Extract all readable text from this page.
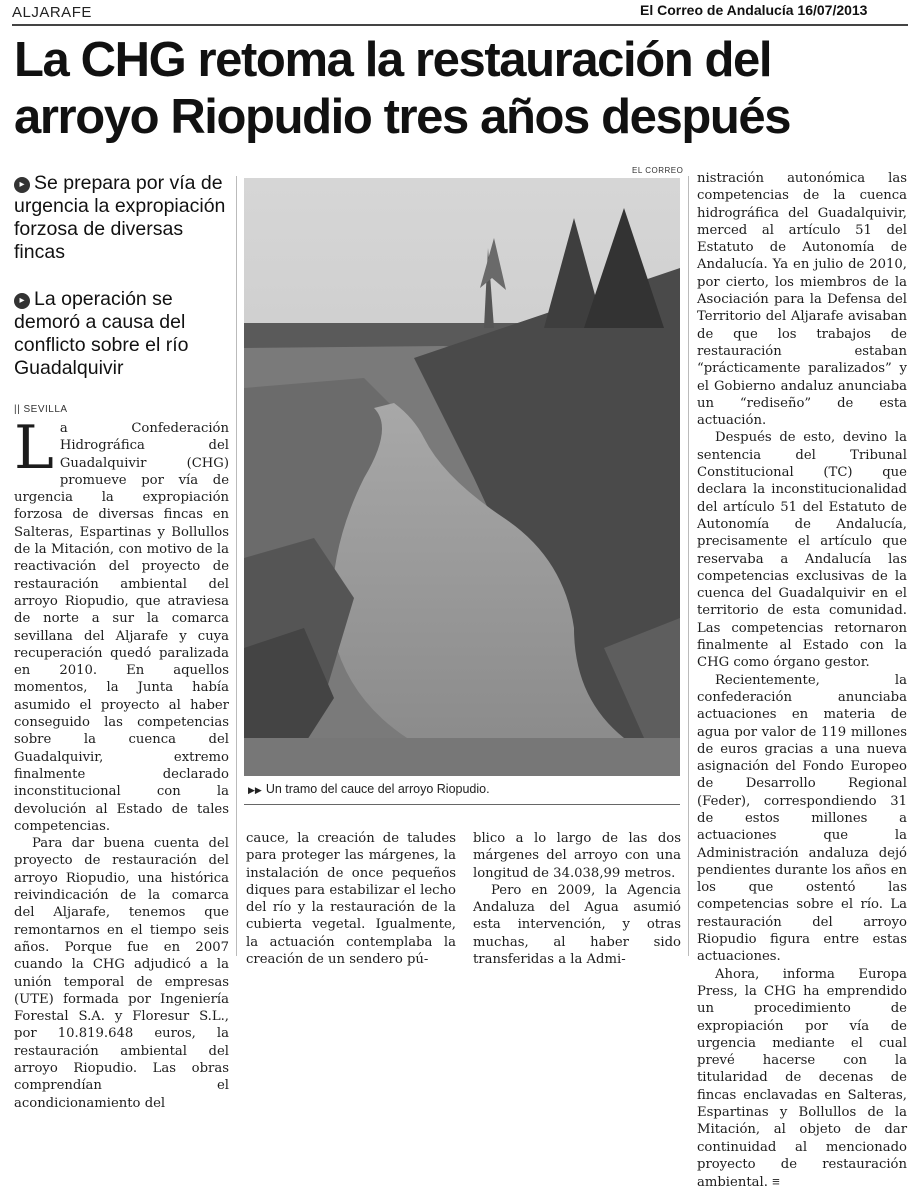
ALJARAFE	El Correo de Andalucía 16/07/2013
La CHG retoma la restauración del arroyo Riopudio tres años después
▸ Se prepara por vía de urgencia la expropiación forzosa de diversas fincas
▸ La operación se demoró a causa del conflicto sobre el río Guadalquivir
|| SEVILLA

La Confederación Hidrográfica del Guadalquivir (CHG) promueve por vía de urgencia la expropiación forzosa de diversas fincas en Salteras, Espartinas y Bollullos de la Mitación, con motivo de la reactivación del proyecto de restauración ambiental del arroyo Riopudio, que atraviesa de norte a sur la comarca sevillana del Aljarafe y cuya recuperación quedó paralizada en 2010. En aquellos momentos, la Junta había asumido el proyecto al haber conseguido las competencias sobre la cuenca del Guadalquivir, extremo finalmente declarado inconstitucional con la devolución al Estado de tales competencias.

Para dar buena cuenta del proyecto de restauración del arroyo Riopudio, una histórica reivindicación de la comarca del Aljarafe, tenemos que remontarnos en el tiempo seis años. Porque fue en 2007 cuando la CHG adjudicó a la unión temporal de empresas (UTE) formada por Ingeniería Forestal S.A. y Floresur S.L., por 10.819.648 euros, la restauración ambiental del arroyo Riopudio. Las obras comprendían el acondicionamiento del

EL CORREO
▶▶ Un tramo del cauce del arroyo Riopudio.

cauce, la creación de taludes para proteger las márgenes, la instalación de once pequeños diques para estabilizar el lecho del río y la restauración de la cubierta vegetal. Igualmente, la actuación contemplaba la creación de un sendero pú-

blico a lo largo de las dos márgenes del arroyo con una longitud de 34.038,99 metros.

Pero en 2009, la Agencia Andaluza del Agua asumió esta intervención, y otras muchas, al haber sido transferidas a la Admi-

nistración autonómica las competencias de la cuenca hidrográfica del Guadalquivir, merced al artículo 51 del Estatuto de Autonomía de Andalucía. Ya en julio de 2010, por cierto, los miembros de la Asociación para la Defensa del Territorio del Aljarafe avisaban de que los trabajos de restauración estaban “prácticamente paralizados” y el Gobierno andaluz anunciaba un “rediseño” de esta actuación.

Después de esto, devino la sentencia del Tribunal Constitucional (TC) que declara la inconstitucionalidad del artículo 51 del Estatuto de Autonomía de Andalucía, precisamente el artículo que reservaba a Andalucía las competencias exclusivas de la cuenca del Guadalquivir en el territorio de esta comunidad. Las competencias retornaron finalmente al Estado con la CHG como órgano gestor.

Recientemente, la confederación anunciaba actuaciones en materia de agua por valor de 119 millones de euros gracias a una nueva asignación del Fondo Europeo de Desarrollo Regional (Feder), correspondiendo 31 de estos millones a actuaciones que la Administración andaluza dejó pendientes durante los años en los que ostentó las competencias sobre el río. La restauración del arroyo Riopudio figura entre estas actuaciones.

Ahora, informa Europa Press, la CHG ha emprendido un procedimiento de expropiación por vía de urgencia mediante el cual prevé hacerse con la titularidad de decenas de fincas enclavadas en Salteras, Espartinas y Bollullos de la Mitación, al objeto de dar continuidad al mencionado proyecto de restauración ambiental. ≡
